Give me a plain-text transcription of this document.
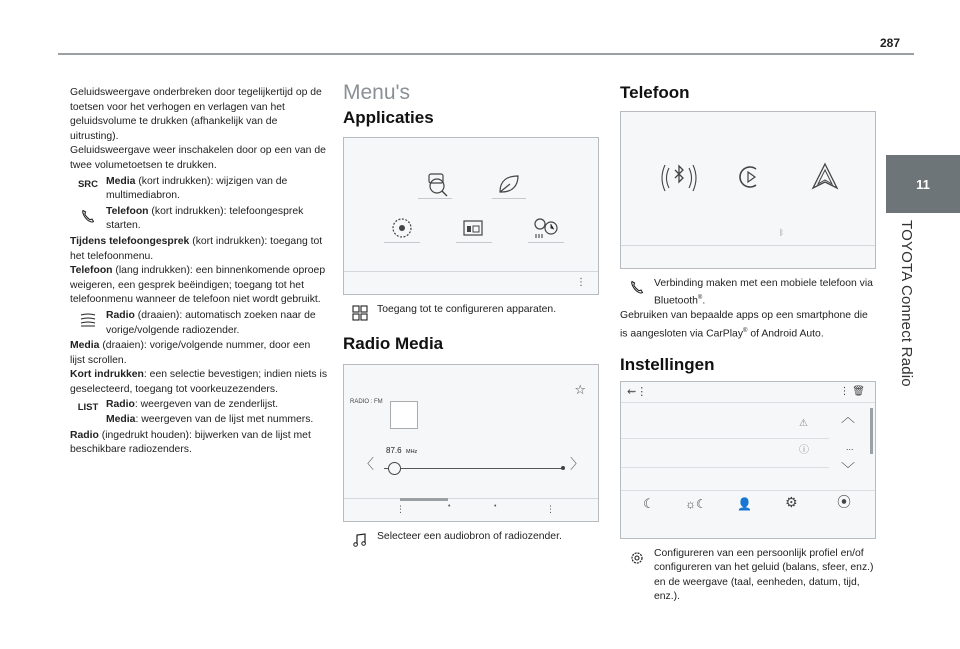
287
11
TOYOTA Connect Radio

Geluidsweergave onderbreken door tegelijkertijd op de toetsen voor het verhogen en verlagen van het geluidsvolume te drukken (afhankelijk van de uitrusting).

Geluidsweergave weer inschakelen door op een van de twee volumetoetsen te drukken.

SRC Media (kort indrukken): wijzigen van de multimediabron.
Telefoon (kort indrukken): telefoongesprek starten.

Tijdens telefoongesprek (kort indrukken): toegang tot het telefoonmenu.

Telefoon (lang indrukken): een binnenkomende oproep weigeren, een gesprek beëindigen; toegang tot het telefoonmenu wanneer de telefoon niet wordt gebruikt.

Radio (draaien): automatisch zoeken naar de vorige/volgende radiozender.

Media (draaien): vorige/volgende nummer, door een lijst scrollen.

Kort indrukken: een selectie bevestigen; indien niets is geselecteerd, toegang tot voorkeuzezenders.

LIST Radio: weergeven van de zenderlijst.
Media: weergeven van de lijst met nummers.

Radio (ingedrukt houden): bijwerken van de lijst met beschikbare radiozenders.

Menu's
Applicaties
⋮
Toegang tot te configureren apparaten.
Radio Media
RADIO : FM
☆
87.6 MHz
〈	〉
⋮	•	•	⋮
Selecteer een audiobron of radiozender.
Telefoon
ᛒ
Verbinding maken met een mobiele telefoon via Bluetooth®.

Gebruiken van bepaalde apps op een smartphone die is aangesloten via CarPlay® of Android Auto.

Instellingen
⇜⋮	⋮ 🗑
⚠
ⓘ
︿
...
﹀
☾	☼☾	👤 ⚙	⦿
Configureren van een persoonlijk profiel en/of configureren van het geluid (balans, sfeer, enz.) en de weergave (taal, eenheden, datum, tijd, enz.).
